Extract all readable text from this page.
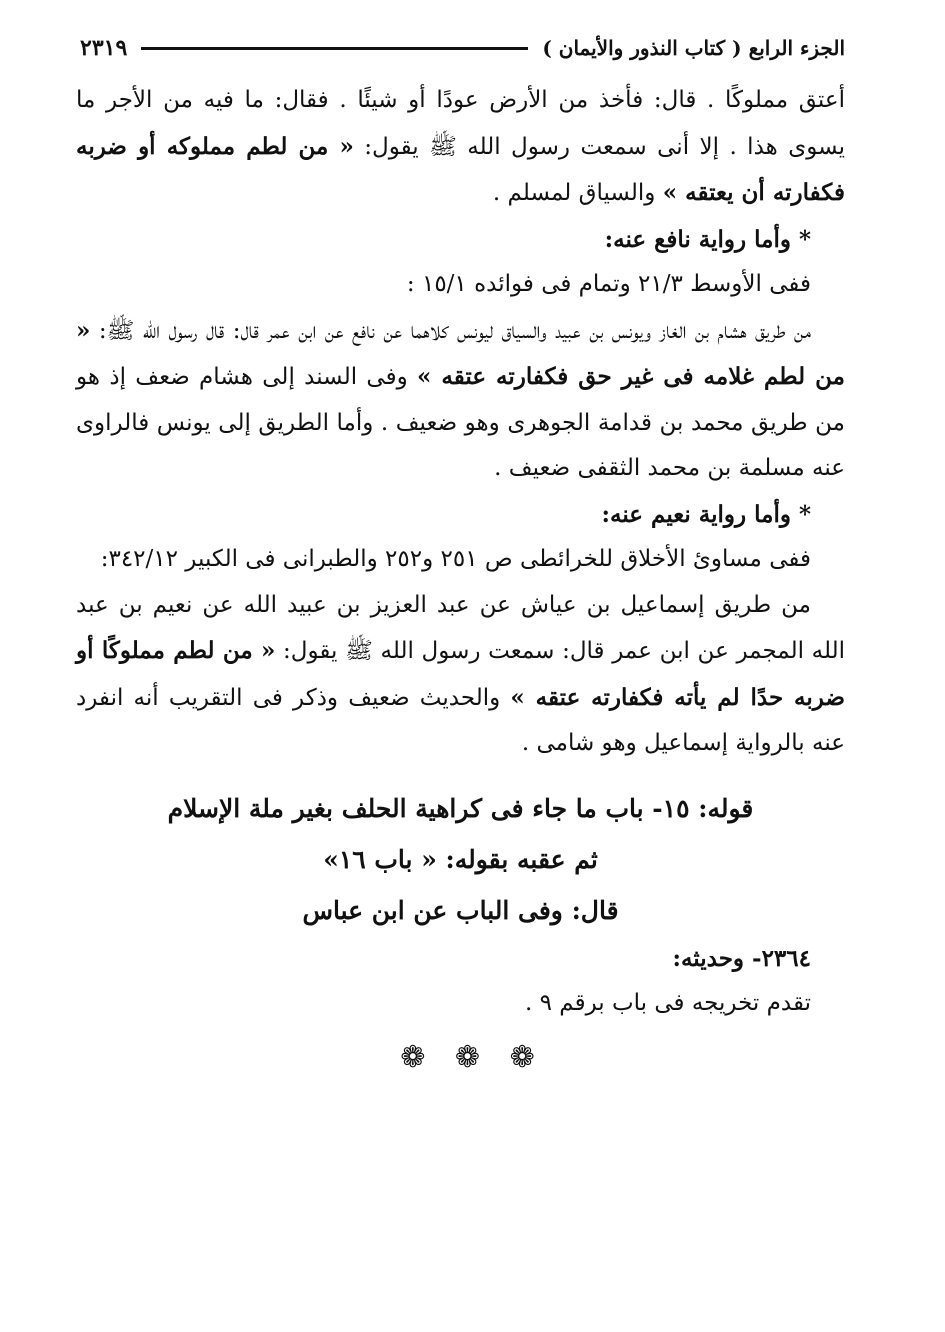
الجزء الرابع ( كتاب النذور والأيمان )
٢٣١٩

أعتق مملوكًا . قال: فأخذ من الأرض عودًا أو شيئًا . فقال: ما فيه من الأجر ما يسوى هذا . إلا أنى سمعت رسول الله ﷺ يقول: « من لطم مملوكه أو ضربه فكفارته أن يعتقه » والسياق لمسلم .

* وأما رواية نافع عنه:

ففى الأوسط ٢١/٣ وتمام فى فوائده ١٥/١ :

من طريق هشام بن الغاز ويونس بن عبيد والسياق ليونس كلاهما عن نافع عن ابن عمر قال: قال رسول الله ﷺ: « من لطم غلامه فى غير حق فكفارته عتقه » وفى السند إلى هشام ضعف إذ هو من طريق محمد بن قدامة الجوهرى وهو ضعيف . وأما الطريق إلى يونس فالراوى عنه مسلمة بن محمد الثقفى ضعيف .

* وأما رواية نعيم عنه:

ففى مساوئ الأخلاق للخرائطى ص ٢٥١ و٢٥٢ والطبرانى فى الكبير ٣٤٢/١٢:

من طريق إسماعيل بن عياش عن عبد العزيز بن عبيد الله عن نعيم بن عبد الله المجمر عن ابن عمر قال: سمعت رسول الله ﷺ يقول: « من لطم مملوكًا أو ضربه حدًا لم يأته فكفارته عتقه » والحديث ضعيف وذكر فى التقريب أنه انفرد عنه بالرواية إسماعيل وهو شامى .

قوله: ١٥- باب ما جاء فى كراهية الحلف بغير ملة الإسلام
ثم عقبه بقوله: « باب ١٦»
قال: وفى الباب عن ابن عباس

٢٣٦٤- وحديثه:

تقدم تخريجه فى باب برقم ٩ .

❁ ❁ ❁
